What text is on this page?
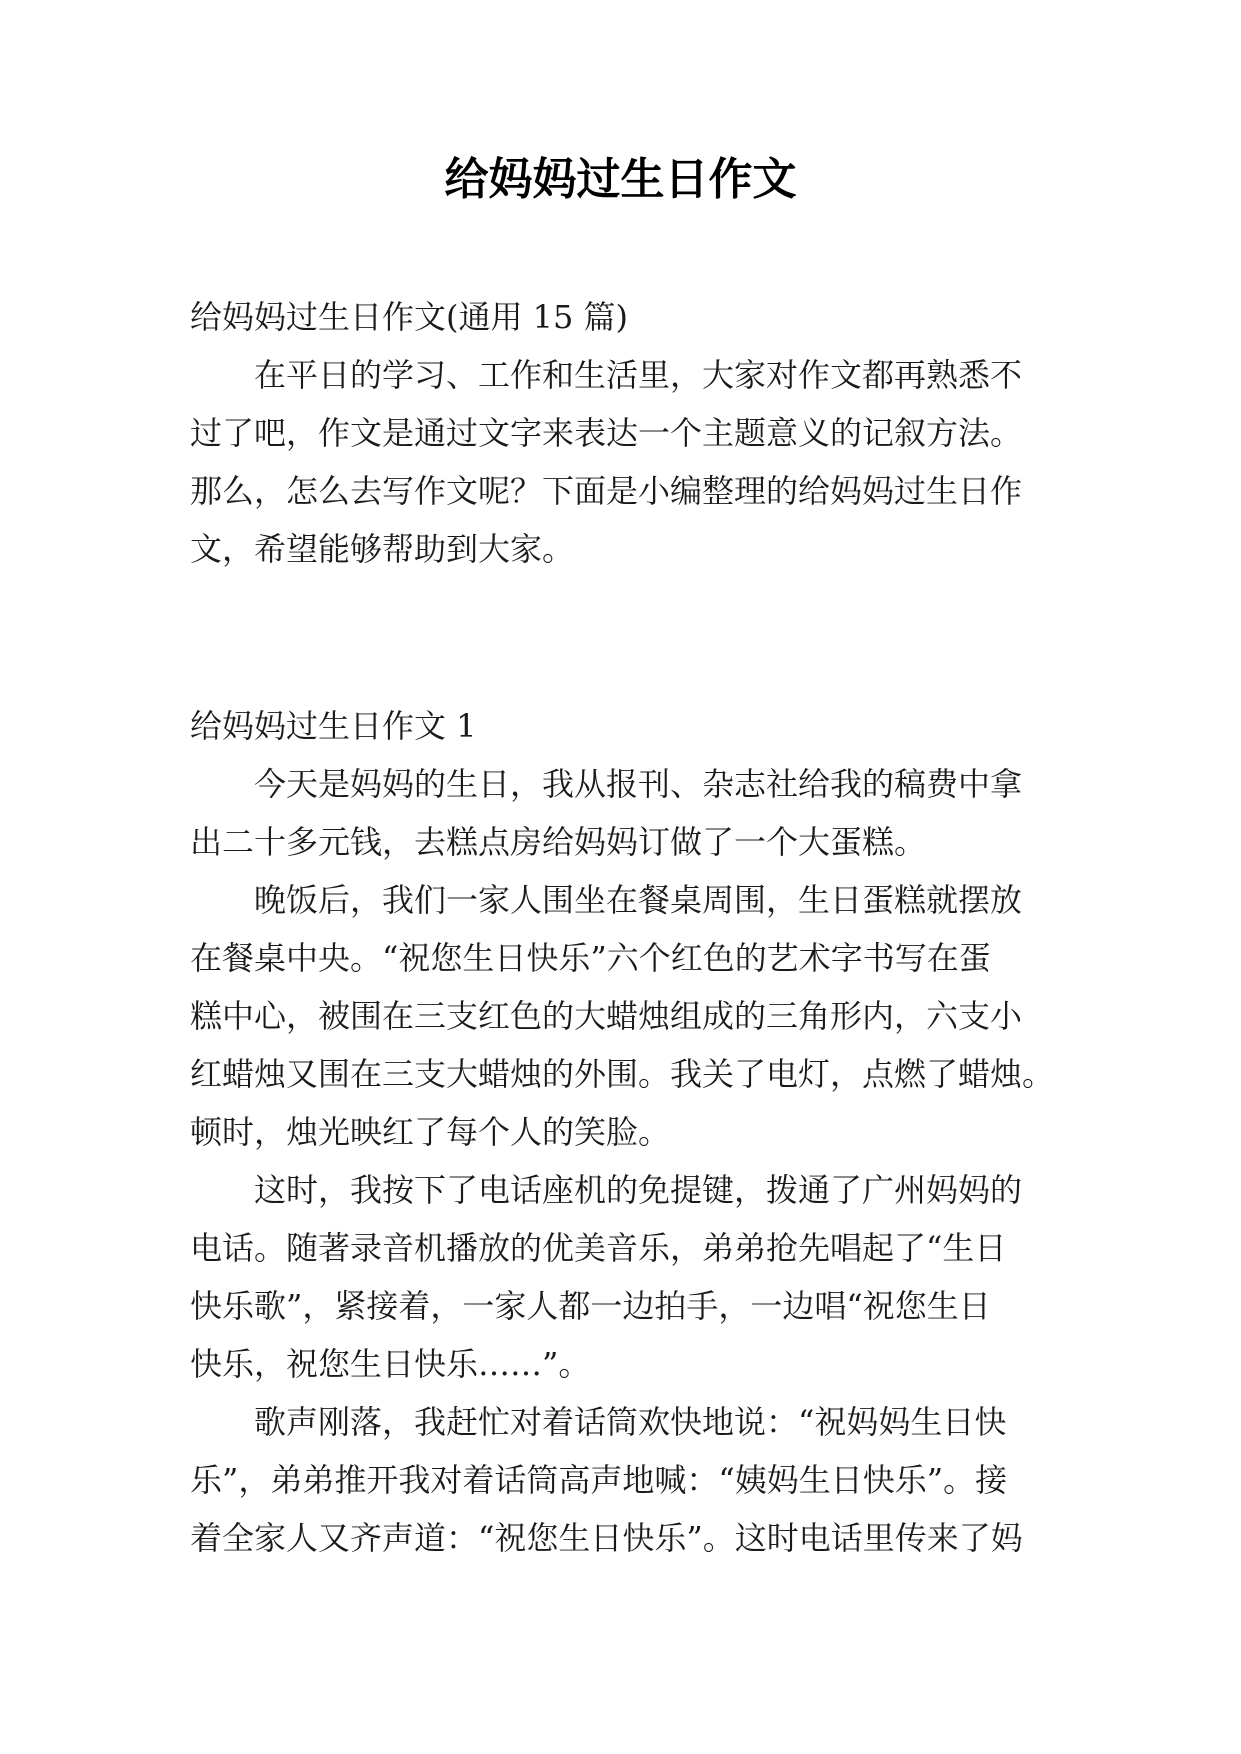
给妈妈过生日作文

给妈妈过生日作文(通用 15 篇)

　　在平日的学习、工作和生活里，大家对作文都再熟悉不

过了吧，作文是通过文字来表达一个主题意义的记叙方法。

那么，怎么去写作文呢？下面是小编整理的给妈妈过生日作

文，希望能够帮助到大家。

给妈妈过生日作文 1

　　今天是妈妈的生日，我从报刊、杂志社给我的稿费中拿

出二十多元钱，去糕点房给妈妈订做了一个大蛋糕。

　　晚饭后，我们一家人围坐在餐桌周围，生日蛋糕就摆放

在餐桌中央。“祝您生日快乐”六个红色的艺术字书写在蛋

糕中心，被围在三支红色的大蜡烛组成的三角形内，六支小

红蜡烛又围在三支大蜡烛的外围。我关了电灯，点燃了蜡烛。

顿时，烛光映红了每个人的笑脸。

　　这时，我按下了电话座机的免提键，拨通了广州妈妈的

电话。随著录音机播放的优美音乐，弟弟抢先唱起了“生日

快乐歌”，紧接着，一家人都一边拍手，一边唱“祝您生日

快乐，祝您生日快乐……”。

　　歌声刚落，我赶忙对着话筒欢快地说：“祝妈妈生日快

乐”，弟弟推开我对着话筒高声地喊：“姨妈生日快乐”。接

着全家人又齐声道：“祝您生日快乐”。这时电话里传来了妈
